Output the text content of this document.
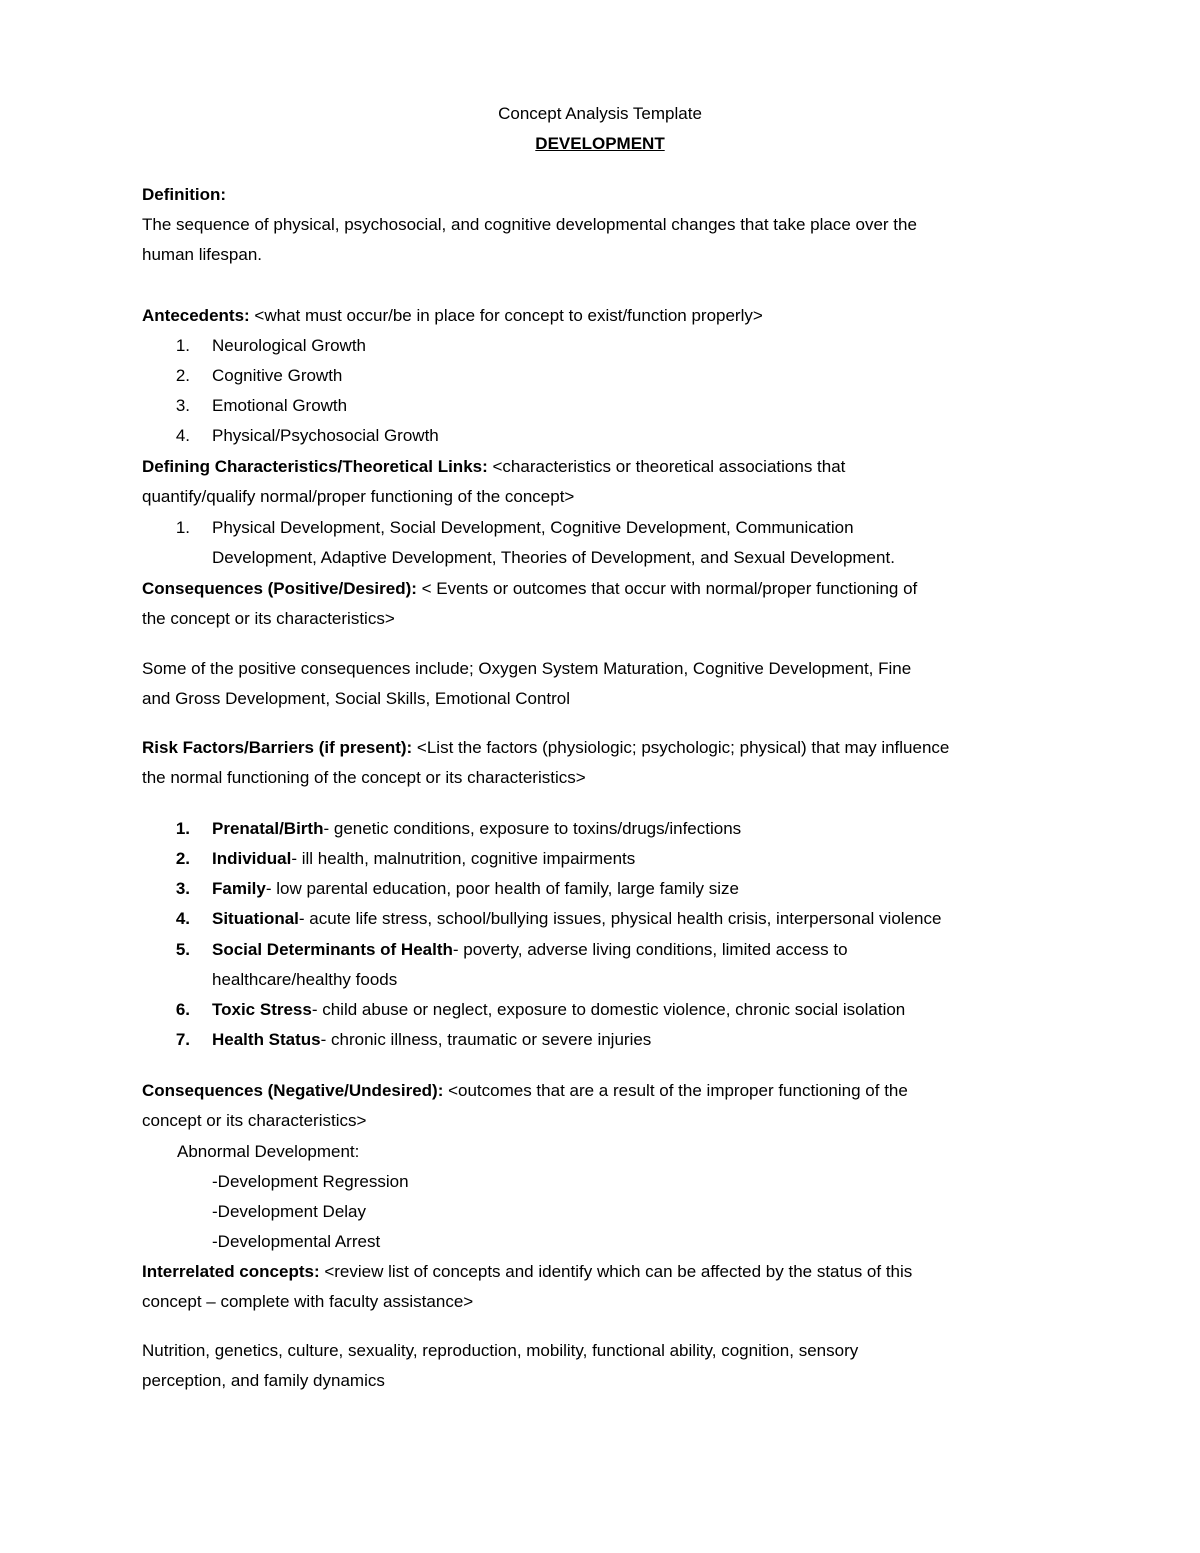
Concept Analysis Template
DEVELOPMENT
Definition:
The sequence of physical, psychosocial, and cognitive developmental changes that take place over the
human lifespan.
Antecedents: <what must occur/be in place for concept to exist/function properly>
1. Neurological Growth
2. Cognitive Growth
3. Emotional Growth
4. Physical/Psychosocial Growth
Defining Characteristics/Theoretical Links: <characteristics or theoretical associations that
quantify/qualify normal/proper functioning of the concept>
1. Physical Development, Social Development, Cognitive Development, Communication
Development, Adaptive Development, Theories of Development, and Sexual Development.
Consequences (Positive/Desired): < Events or outcomes that occur with normal/proper functioning of
the concept or its characteristics>
Some of the positive consequences include; Oxygen System Maturation, Cognitive Development, Fine
and Gross Development, Social Skills, Emotional Control
Risk Factors/Barriers (if present): <List the factors (physiologic; psychologic; physical) that may influence
the normal functioning of the concept or its characteristics>
1. Prenatal/Birth- genetic conditions, exposure to toxins/drugs/infections
2. Individual- ill health, malnutrition, cognitive impairments
3. Family- low parental education, poor health of family, large family size
4. Situational- acute life stress, school/bullying issues, physical health crisis, interpersonal violence
5. Social Determinants of Health- poverty, adverse living conditions, limited access to
healthcare/healthy foods
6. Toxic Stress- child abuse or neglect, exposure to domestic violence, chronic social isolation
7. Health Status- chronic illness, traumatic or severe injuries
Consequences (Negative/Undesired): <outcomes that are a result of the improper functioning of the
concept or its characteristics>
Abnormal Development:
-Development Regression
-Development Delay
-Developmental Arrest
Interrelated concepts: <review list of concepts and identify which can be affected by the status of this
concept – complete with faculty assistance>
Nutrition, genetics, culture, sexuality, reproduction, mobility, functional ability, cognition, sensory
perception, and family dynamics
